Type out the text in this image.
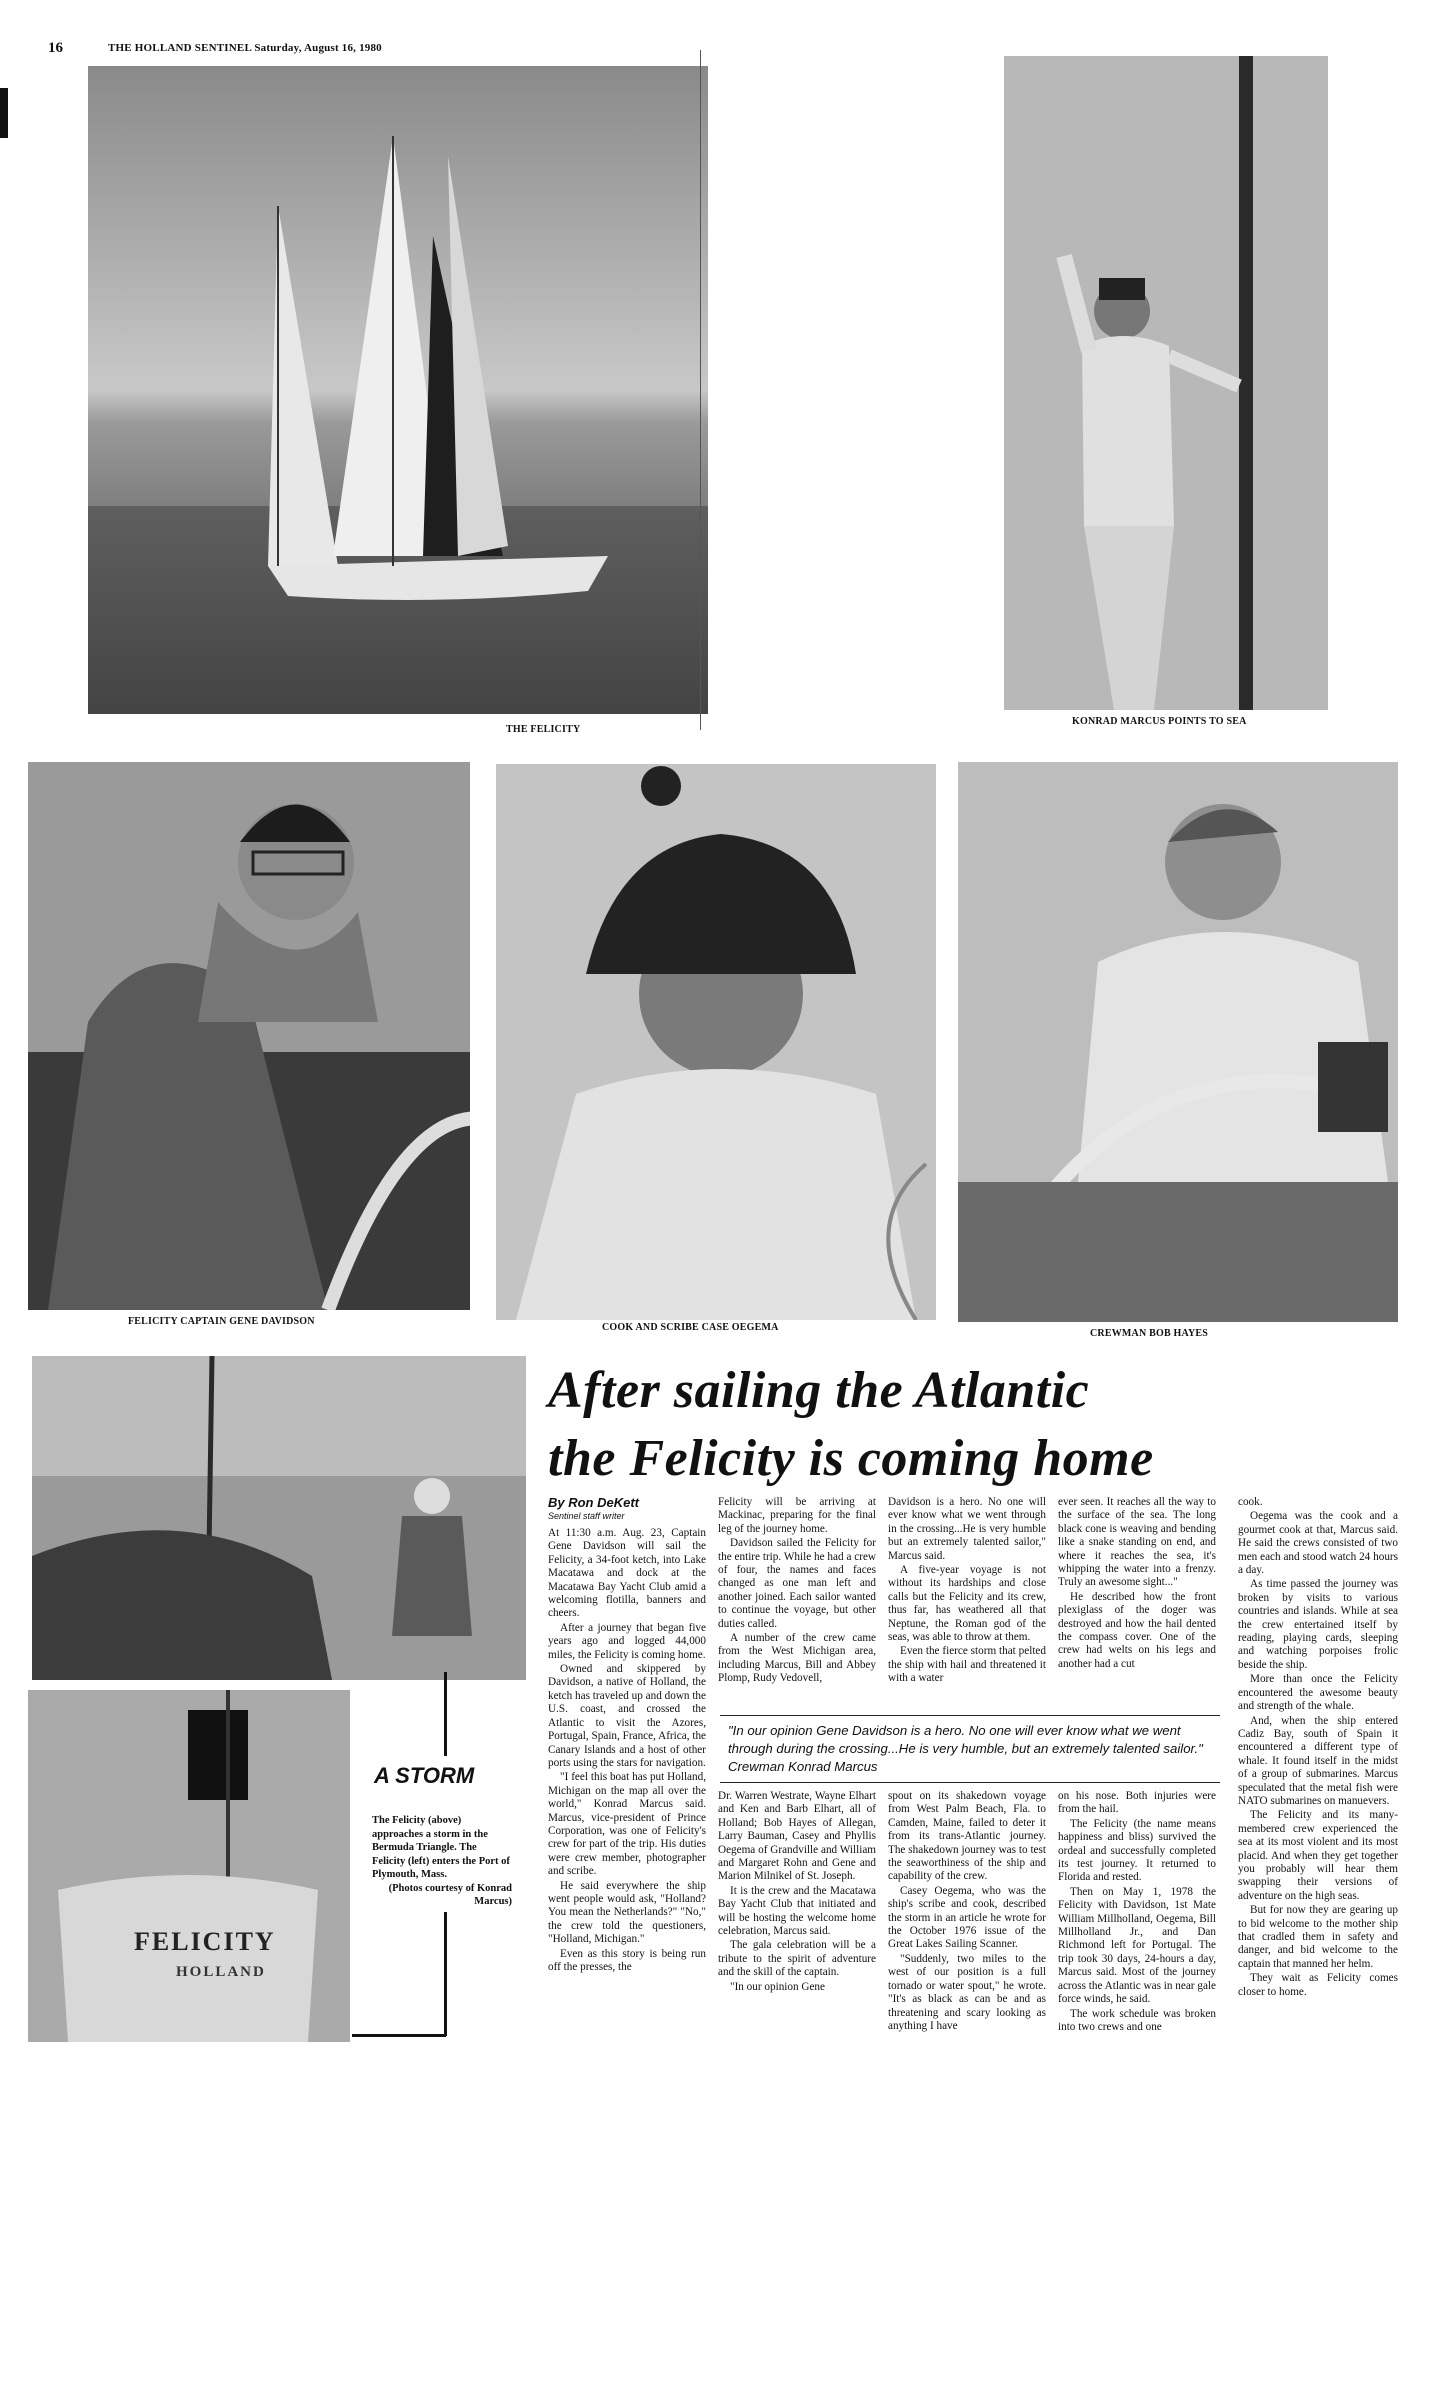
16	THE HOLLAND SENTINEL Saturday, August 16, 1980
THE FELICITY
KONRAD MARCUS POINTS TO SEA
FELICITY CAPTAIN GENE DAVIDSON
COOK AND SCRIBE CASE OEGEMA
CREWMAN BOB HAYES
FELICITY
HOLLAND
A STORM
The Felicity (above) approaches a storm in the Bermuda Triangle. The Felicity (left) enters the Port of Plymouth, Mass.
(Photos courtesy of Konrad Marcus)
After sailing the Atlantic
the Felicity is coming home
By Ron DeKett
Sentinel staff writer

At 11:30 a.m. Aug. 23, Captain Gene Davidson will sail the Felicity, a 34-foot ketch, into Lake Macatawa and dock at the Macatawa Bay Yacht Club amid a welcoming flotilla, banners and cheers.

After a journey that began five years ago and logged 44,000 miles, the Felicity is coming home.

Owned and skippered by Davidson, a native of Holland, the ketch has traveled up and down the U.S. coast, and crossed the Atlantic to visit the Azores, Portugal, Spain, France, Africa, the Canary Islands and a host of other ports using the stars for navigation.

"I feel this boat has put Holland, Michigan on the map all over the world," Konrad Marcus said. Marcus, vice-president of Prince Corporation, was one of Felicity's crew for part of the trip. His duties were crew member, photographer and scribe.

He said everywhere the ship went people would ask, "Holland? You mean the Netherlands?" "No," the crew told the questioners, "Holland, Michigan."

Even as this story is being run off the presses, the

Felicity will be arriving at Mackinac, preparing for the final leg of the journey home.

Davidson sailed the Felicity for the entire trip. While he had a crew of four, the names and faces changed as one man left and another joined. Each sailor wanted to continue the voyage, but other duties called.

A number of the crew came from the West Michigan area, including Marcus, Bill and Abbey Plomp, Rudy Vedovell,

Davidson is a hero. No one will ever know what we went through in the crossing...He is very humble but an extremely talented sailor," Marcus said.

A five-year voyage is not without its hardships and close calls but the Felicity and its crew, thus far, has weathered all that Neptune, the Roman god of the seas, was able to throw at them.

Even the fierce storm that pelted the ship with hail and threatened it with a water

ever seen. It reaches all the way to the surface of the sea. The long black cone is weaving and bending like a snake standing on end, and where it reaches the sea, it's whipping the water into a frenzy. Truly an awesome sight..."

He described how the front plexiglass of the doger was destroyed and how the hail dented the compass cover. One of the crew had welts on his legs and another had a cut

"In our opinion Gene Davidson is a hero. No one will ever know what we went through during the crossing...He is very humble, but an extremely talented sailor." Crewman Konrad Marcus

Dr. Warren Westrate, Wayne Elhart and Ken and Barb Elhart, all of Holland; Bob Hayes of Allegan, Larry Bauman, Casey and Phyllis Oegema of Grandville and William and Margaret Rohn and Gene and Marion Milnikel of St. Joseph.

It is the crew and the Macatawa Bay Yacht Club that initiated and will be hosting the welcome home celebration, Marcus said.

The gala celebration will be a tribute to the spirit of adventure and the skill of the captain.

"In our opinion Gene

spout on its shakedown voyage from West Palm Beach, Fla. to Camden, Maine, failed to deter it from its trans-Atlantic journey. The shakedown journey was to test the seaworthiness of the ship and capability of the crew.

Casey Oegema, who was the ship's scribe and cook, described the storm in an article he wrote for the October 1976 issue of the Great Lakes Sailing Scanner.

"Suddenly, two miles to the west of our position is a full tornado or water spout," he wrote. "It's as black as can be and as threatening and scary looking as anything I have

on his nose. Both injuries were from the hail.

The Felicity (the name means happiness and bliss) survived the ordeal and successfully completed its test journey. It returned to Florida and rested.

Then on May 1, 1978 the Felicity with Davidson, 1st Mate William Millholland, Oegema, Bill Millholland Jr., and Dan Richmond left for Portugal. The trip took 30 days, 24-hours a day, Marcus said. Most of the journey across the Atlantic was in near gale force winds, he said.

The work schedule was broken into two crews and one

cook.

Oegema was the cook and a gourmet cook at that, Marcus said. He said the crews consisted of two men each and stood watch 24 hours a day.

As time passed the journey was broken by visits to various countries and islands. While at sea the crew entertained itself by reading, playing cards, sleeping and watching porpoises frolic beside the ship.

More than once the Felicity encountered the awesome beauty and strength of the whale.

And, when the ship entered Cadiz Bay, south of Spain it encountered a different type of whale. It found itself in the midst of a group of submarines. Marcus speculated that the metal fish were NATO submarines on manuevers.

The Felicity and its many-membered crew experienced the sea at its most violent and its most placid. And when they get together you probably will hear them swapping their versions of adventure on the high seas.

But for now they are gearing up to bid welcome to the mother ship that cradled them in safety and danger, and bid welcome to the captain that manned her helm.

They wait as Felicity comes closer to home.
